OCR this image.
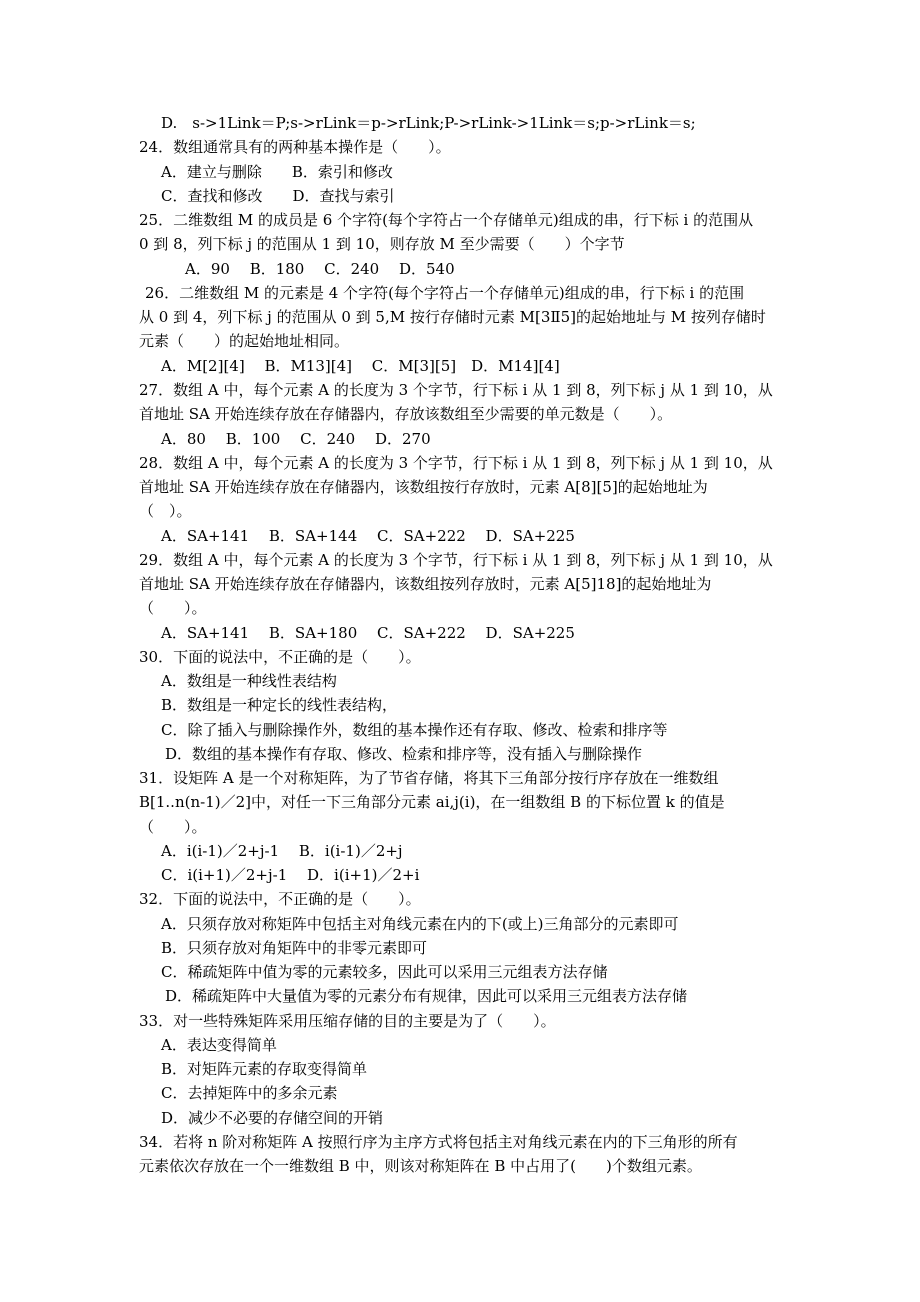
D.　s->1Link＝P;s->rLink＝p->rLink;P->rLink->1Link＝s;p->rLink＝s;
24．数组通常具有的两种基本操作是（　　）。
A．建立与删除　　B．索引和修改
C．查找和修改　　D．查找与索引
25．二维数组 M 的成员是 6 个字符(每个字符占一个存储单元)组成的串，行下标 i 的范围从
0 到 8，列下标 j 的范围从 1 到 10，则存放 M 至少需要（　　）个字节
A．90　 B．180　 C．240　 D．540
26．二维数组 M 的元素是 4 个字符(每个字符占一个存储单元)组成的串，行下标 i 的范围
从 0 到 4，列下标 j 的范围从 0 到 5,M 按行存储时元素 M[3Ⅱ5]的起始地址与 M 按列存储时
元素（　　）的起始地址相同。
A．M[2][4]　 B．M13][4]　 C．M[3][5]　D．M14][4]
27．数组 A 中，每个元素 A 的长度为 3 个字节，行下标 i 从 1 到 8，列下标 j 从 1 到 10，从
首地址 SA 开始连续存放在存储器内，存放该数组至少需要的单元数是（　　）。
A．80　 B．100　 C．240　 D．270
28．数组 A 中，每个元素 A 的长度为 3 个字节，行下标 i 从 1 到 8，列下标 j 从 1 到 10，从
首地址 SA 开始连续存放在存储器内，该数组按行存放时，元素 A[8][5]的起始地址为
（　）。
A．SA+141　 B．SA+144　 C．SA+222　 D．SA+225
29．数组 A 中，每个元素 A 的长度为 3 个字节，行下标 i 从 1 到 8，列下标 j 从 1 到 10，从
首地址 SA 开始连续存放在存储器内，该数组按列存放时，元素 A[5]18]的起始地址为
（　　）。
A．SA+141　 B．SA+180　 C．SA+222　 D．SA+225
30．下面的说法中，不正确的是（　　）。
A．数组是一种线性表结构
B．数组是一种定长的线性表结构，
C．除了插入与删除操作外，数组的基本操作还有存取、修改、检索和排序等
D．数组的基本操作有存取、修改、检索和排序等，没有插入与删除操作
31．设矩阵 A 是一个对称矩阵，为了节省存储，将其下三角部分按行序存放在一维数组
B[1..n(n-1)／2]中，对任一下三角部分元素 ai,j(i)，在一组数组 B 的下标位置 k 的值是
（　　）。
A．i(i-1)／2+j-1　 B．i(i-1)／2+j
C．i(i+1)／2+j-1　 D．i(i+1)／2+i
32．下面的说法中，不正确的是（　　）。
A．只须存放对称矩阵中包括主对角线元素在内的下(或上)三角部分的元素即可
B．只须存放对角矩阵中的非零元素即可
C．稀疏矩阵中值为零的元素较多，因此可以采用三元组表方法存储
D．稀疏矩阵中大量值为零的元素分布有规律，因此可以采用三元组表方法存储
33．对一些特殊矩阵采用压缩存储的目的主要是为了（　　）。
A．表达变得简单
B．对矩阵元素的存取变得简单
C．去掉矩阵中的多余元素
D．减少不必要的存储空间的开销
34．若将 n 阶对称矩阵 A 按照行序为主序方式将包括主对角线元素在内的下三角形的所有
元素依次存放在一个一维数组 B 中，则该对称矩阵在 B 中占用了(　　)个数组元素。
